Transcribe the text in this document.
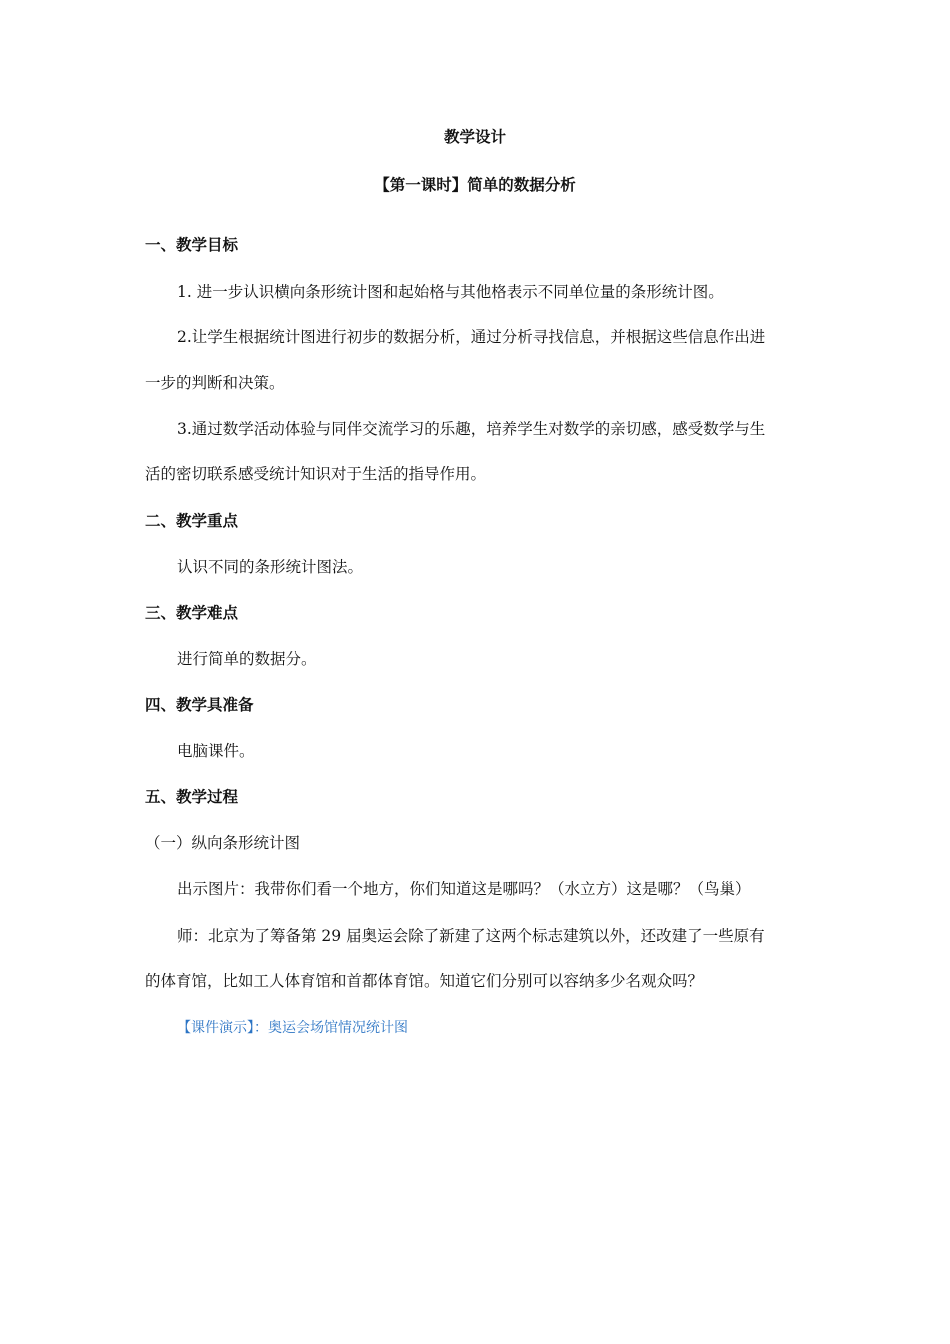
教学设计
【第一课时】简单的数据分析
一、教学目标
1. 进一步认识横向条形统计图和起始格与其他格表示不同单位量的条形统计图。
2.让学生根据统计图进行初步的数据分析，通过分析寻找信息，并根据这些信息作出进
一步的判断和决策。
3.通过数学活动体验与同伴交流学习的乐趣，培养学生对数学的亲切感，感受数学与生
活的密切联系感受统计知识对于生活的指导作用。
二、教学重点
认识不同的条形统计图法。
三、教学难点
进行简单的数据分。
四、教学具准备
电脑课件。
五、教学过程
（一）纵向条形统计图
出示图片：我带你们看一个地方，你们知道这是哪吗？（水立方）这是哪？（鸟巢）
师：北京为了筹备第 29 届奥运会除了新建了这两个标志建筑以外，还改建了一些原有
的体育馆，比如工人体育馆和首都体育馆。知道它们分别可以容纳多少名观众吗？
【课件演示】：奥运会场馆情况统计图
